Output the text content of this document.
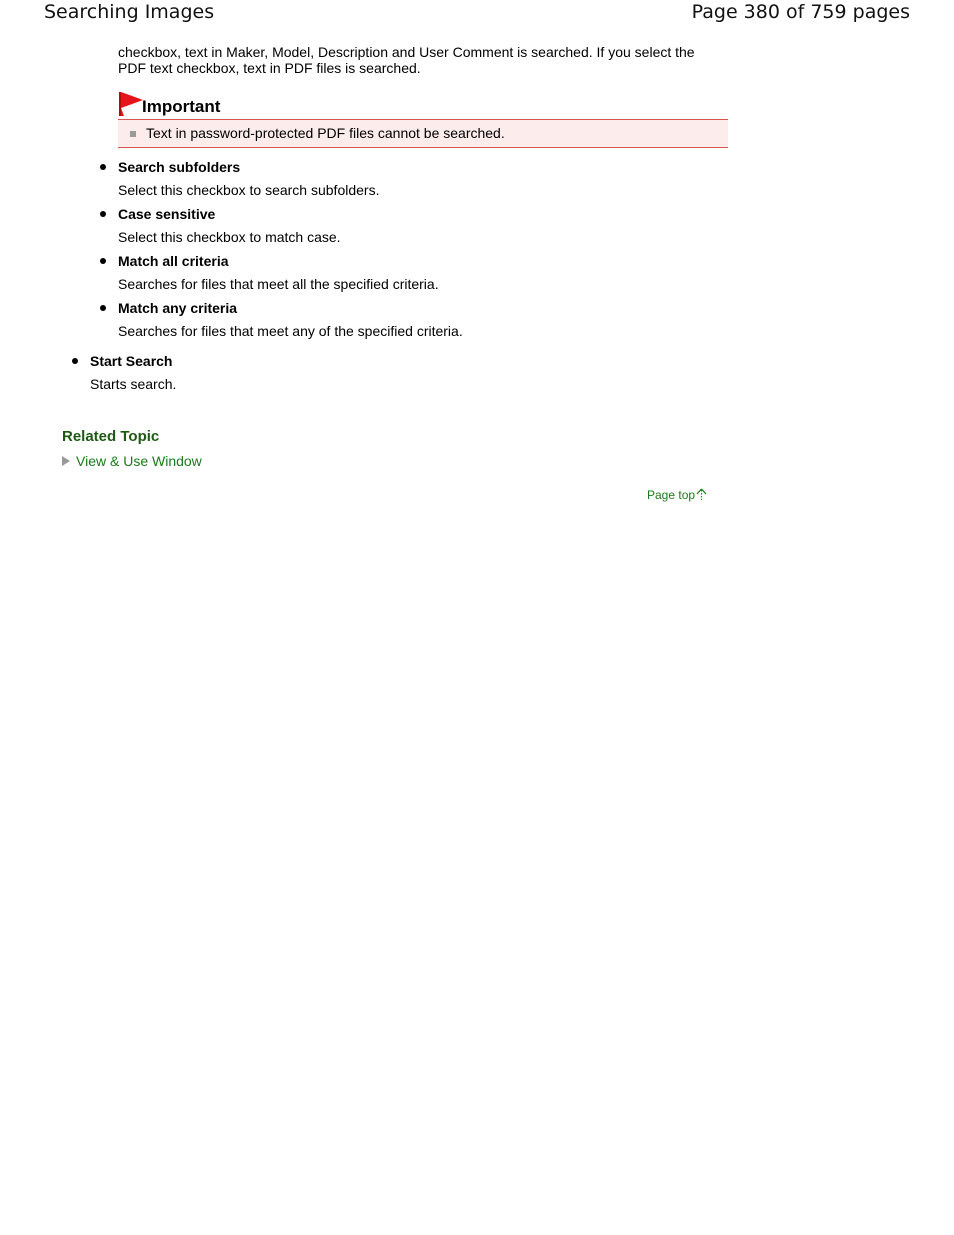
Searching Images	Page 380 of 759 pages
checkbox, text in Maker, Model, Description and User Comment is searched. If you select the
PDF text checkbox, text in PDF files is searched.
Important
Text in password-protected PDF files cannot be searched.
Search subfolders
Select this checkbox to search subfolders.
Case sensitive
Select this checkbox to match case.
Match all criteria
Searches for files that meet all the specified criteria.
Match any criteria
Searches for files that meet any of the specified criteria.
Start Search
Starts search.
Related Topic
View & Use Window
Page top
